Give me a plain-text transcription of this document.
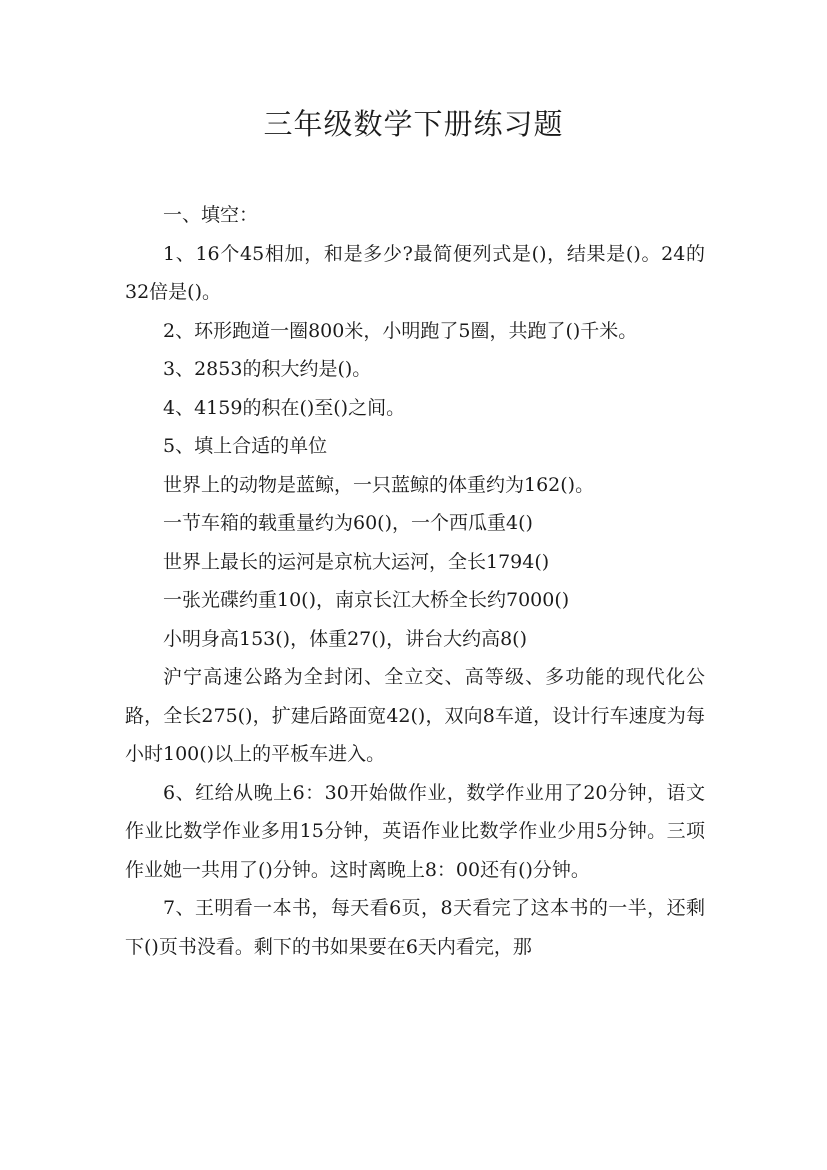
三年级数学下册练习题

一、填空：

1、16个45相加，和是多少?最简便列式是()，结果是()。24的32倍是()。

2、环形跑道一圈800米，小明跑了5圈，共跑了()千米。

3、2853的积大约是()。

4、4159的积在()至()之间。

5、填上合适的单位

世界上的动物是蓝鲸，一只蓝鲸的体重约为162()。

一节车箱的载重量约为60()，一个西瓜重4()

世界上最长的运河是京杭大运河，全长1794()

一张光碟约重10()，南京长江大桥全长约7000()

小明身高153()，体重27()，讲台大约高8()

沪宁高速公路为全封闭、全立交、高等级、多功能的现代化公路，全长275()，扩建后路面宽42()，双向8车道，设计行车速度为每小时100()以上的平板车进入。

6、红给从晚上6：30开始做作业，数学作业用了20分钟，语文作业比数学作业多用15分钟，英语作业比数学作业少用5分钟。三项作业她一共用了()分钟。这时离晚上8：00还有()分钟。

7、王明看一本书，每天看6页，8天看完了这本书的一半，还剩下()页书没看。剩下的书如果要在6天内看完，那
